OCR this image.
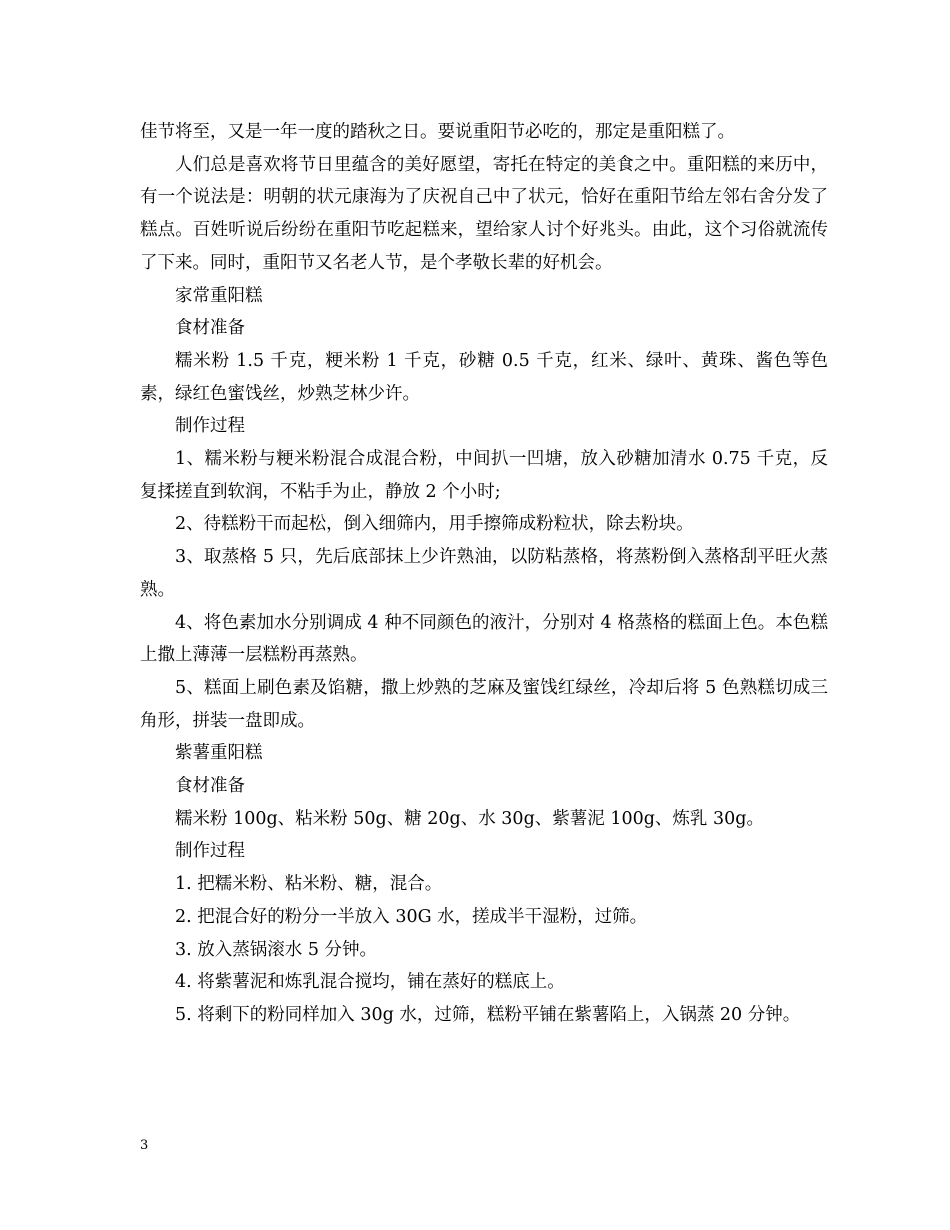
佳节将至，又是一年一度的踏秋之日。要说重阳节必吃的，那定是重阳糕了。

人们总是喜欢将节日里蕴含的美好愿望，寄托在特定的美食之中。重阳糕的来历中，有一个说法是：明朝的状元康海为了庆祝自己中了状元，恰好在重阳节给左邻右舍分发了糕点。百姓听说后纷纷在重阳节吃起糕来，望给家人讨个好兆头。由此，这个习俗就流传了下来。同时，重阳节又名老人节，是个孝敬长辈的好机会。

家常重阳糕

食材准备

糯米粉 1.5 千克，粳米粉 1 千克，砂糖 0.5 千克，红米、绿叶、黄珠、酱色等色素，绿红色蜜饯丝，炒熟芝林少许。

制作过程

1、糯米粉与粳米粉混合成混合粉，中间扒一凹塘，放入砂糖加清水 0.75 千克，反复揉搓直到软润，不粘手为止，静放 2 个小时;

2、待糕粉干而起松，倒入细筛内，用手擦筛成粉粒状，除去粉块。

3、取蒸格 5 只，先后底部抹上少许熟油，以防粘蒸格，将蒸粉倒入蒸格刮平旺火蒸熟。

4、将色素加水分别调成 4 种不同颜色的液汁，分别对 4 格蒸格的糕面上色。本色糕上撒上薄薄一层糕粉再蒸熟。

5、糕面上刷色素及馅糖，撒上炒熟的芝麻及蜜饯红绿丝，冷却后将 5 色熟糕切成三角形，拼装一盘即成。

紫薯重阳糕

食材准备

糯米粉 100g、粘米粉 50g、糖 20g、水 30g、紫薯泥 100g、炼乳 30g。

制作过程

1. 把糯米粉、粘米粉、糖，混合。

2. 把混合好的粉分一半放入 30G 水，搓成半干湿粉，过筛。

3. 放入蒸锅滚水 5 分钟。

4. 将紫薯泥和炼乳混合搅均，铺在蒸好的糕底上。

5. 将剩下的粉同样加入 30g 水，过筛，糕粉平铺在紫薯陷上，入锅蒸 20 分钟。

3
